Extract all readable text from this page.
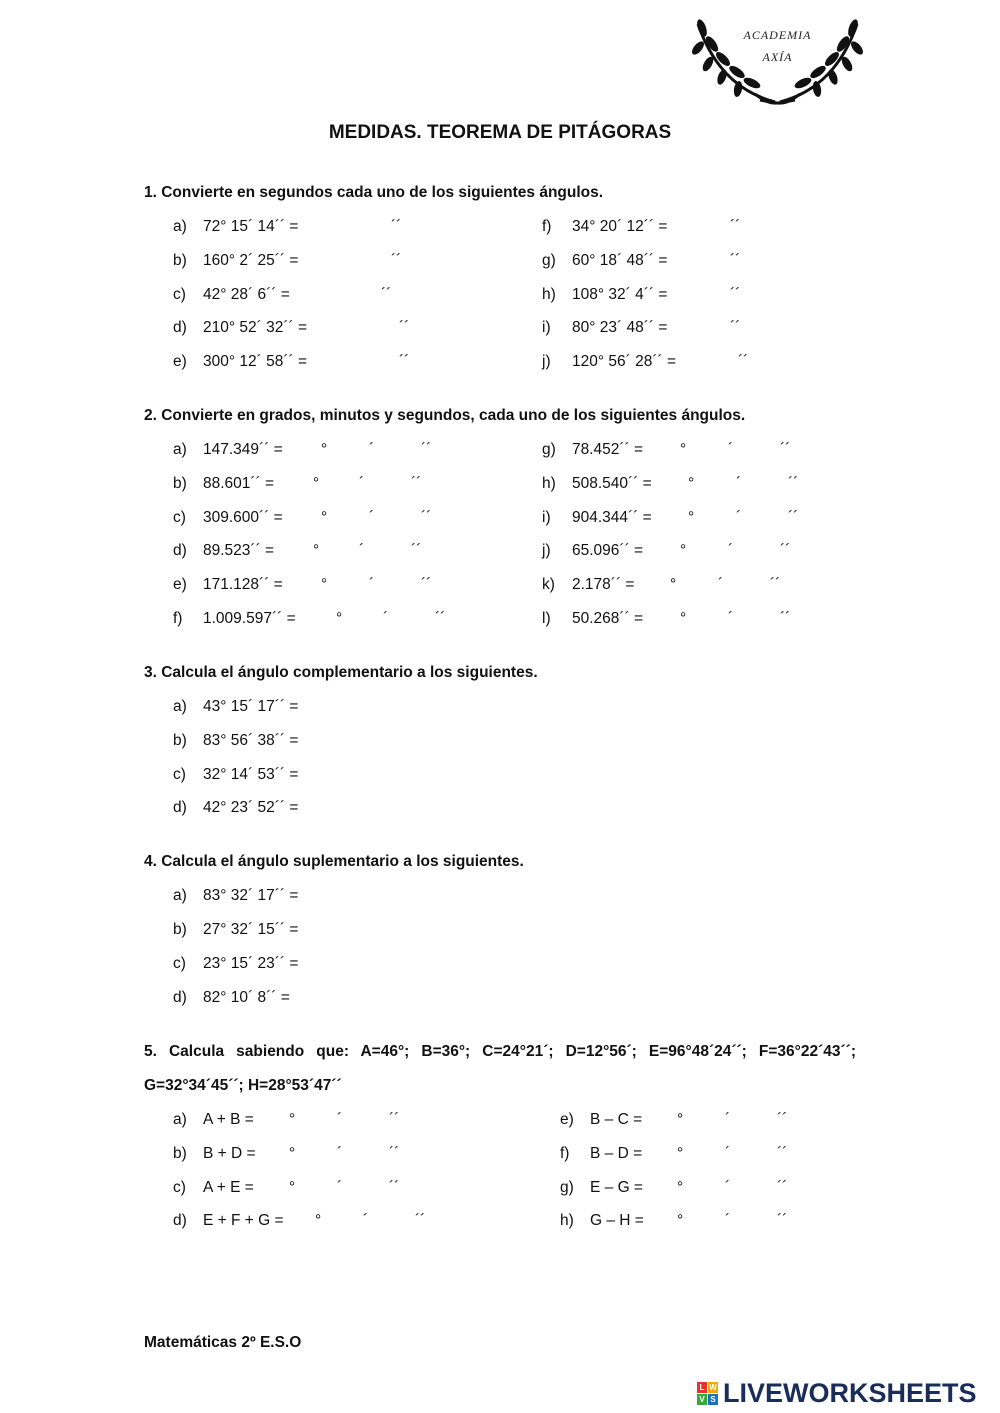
ACADEMIA
AXÍA
MEDIDAS. TEOREMA DE PITÁGORAS
1. Convierte en segundos cada uno de los siguientes ángulos.
a) 72° 15´ 14´´ =	´´	f) 34° 20´ 12´´ =	´´
b) 160° 2´ 25´´ =	´´	g) 60° 18´ 48´´ =	´´
c) 42° 28´ 6´´ =	´´	h) 108° 32´ 4´´ =	´´
d) 210° 52´ 32´´ =	´´	i) 80° 23´ 48´´ =	´´
e) 300° 12´ 58´´ =	´´	j) 120° 56´ 28´´ =	´´
2. Convierte en grados, minutos y segundos, cada uno de los siguientes ángulos.
a) 147.349´´ = °	´	´´	g) 78.452´´ = °	´	´´
b) 88.601´´ =	°	´	´´	h) 508.540´´ = °	´	´´
c) 309.600´´ = °	´	´´	i) 904.344´´ = °	´	´´
d) 89.523´´ =	°	´	´´	j) 65.096´´ = °	´	´´
e) 171.128´´ = °	´	´´	k) 2.178´´ = °	´	´´
f) 1.009.597´´ =	°	´	´´	l) 50.268´´ = °	´	´´
3. Calcula el ángulo complementario a los siguientes.
a) 43° 15´ 17´´ =
b) 83° 56´ 38´´ =
c) 32° 14´ 53´´ =
d) 42° 23´ 52´´ =
4. Calcula el ángulo suplementario a los siguientes.
a) 83° 32´ 17´´ =
b) 27° 32´ 15´´ =
c) 23° 15´ 23´´ =
d) 82° 10´ 8´´ =
5. Calcula sabiendo que: A=46°; B=36°; C=24°21´; D=12°56´; E=96°48´24´´; F=36°22´43´´;
G=32°34´45´´; H=28°53´47´´
a) A + B = °	´	´´	e) B – C = °	´	´´
b) B + D = °	´	´´	f) B – D = °	´	´´
c) A + E = °	´	´´	g) E – G = °	´	´´
d) E + F + G = °	´	´´	h) G – H = °	´	´´
Matemáticas 2º E.S.O
L W
V S LIVEWORKSHEETS
